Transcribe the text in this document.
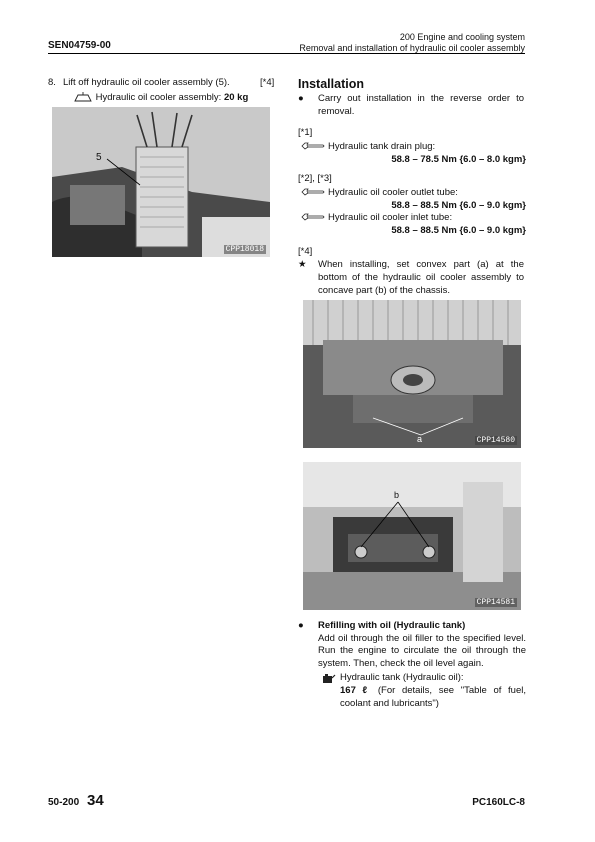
SEN04759-00
200 Engine and cooling system
Removal and installation of hydraulic oil cooler assembly
8. Lift off hydraulic oil cooler assembly (5).	[*4]
Hydraulic oil cooler assembly: 20 kg
5
CPP18018
Installation
● Carry out installation in the reverse order to removal.
[*1]
Hydraulic tank drain plug:
58.8 – 78.5 Nm {6.0 – 8.0 kgm}
[*2], [*3]
Hydraulic oil cooler outlet tube:
58.8 – 88.5 Nm {6.0 – 9.0 kgm}
Hydraulic oil cooler inlet tube:
58.8 – 88.5 Nm {6.0 – 9.0 kgm}
[*4]
★ When installing, set convex part (a) at the bottom of the hydraulic oil cooler assembly to concave part (b) of the chassis.
a	CPP14580
b
CPP14581
● Refilling with oil (Hydraulic tank)
Add oil through the oil filler to the specified level. Run the engine to circulate the oil through the system. Then, check the oil level again.
Hydraulic tank (Hydraulic oil):
167 ℓ (For details, see "Table of fuel, coolant and lubricants")
50-200 34	PC160LC-8
